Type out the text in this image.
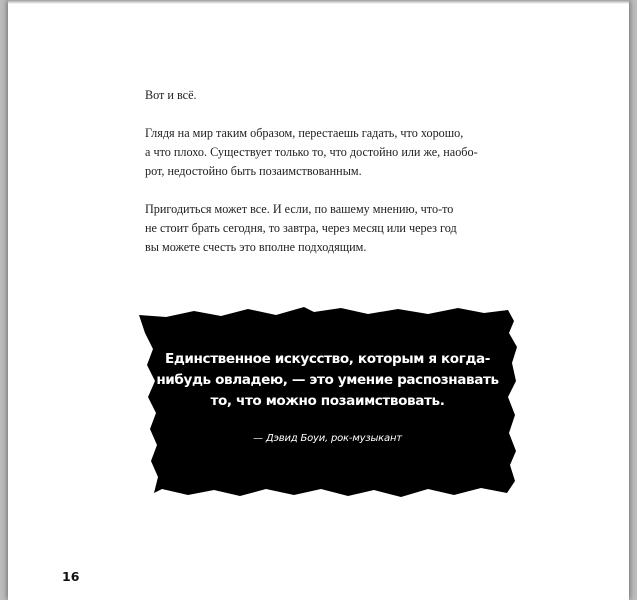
Вот и всё.

Глядя на мир таким образом, перестаешь гадать, что хорошо,
а что плохо. Существует только то, что достойно или же, наобо-
рот, недостойно быть позаимствованным.

Пригодиться может все. И если, по вашему мнению, что-то
не стоит брать сегодня, то завтра, через месяц или через год
вы можете счесть это вполне подходящим.

Единственное искусство, которым я когда-
нибудь овладею, — это умение распознавать
то, что можно позаимствовать.
— Дэвид Боуи, рок-музыкант
16
